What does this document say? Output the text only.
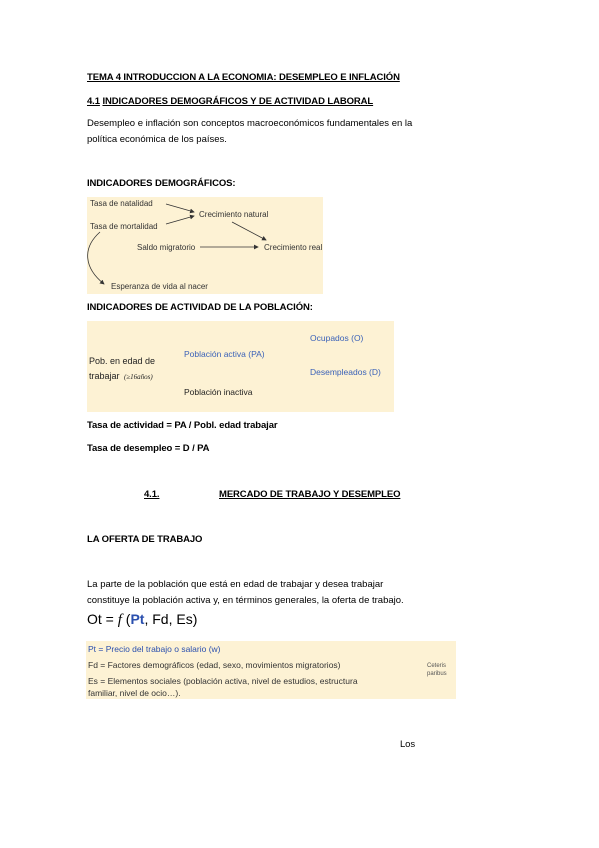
TEMA 4 INTRODUCCION A LA ECONOMIA: DESEMPLEO E INFLACIÓN
4.1 INDICADORES DEMOGRÁFICOS Y DE ACTIVIDAD LABORAL
Desempleo e inflación son conceptos macroeconómicos fundamentales en la
política económica de los países.
INDICADORES DEMOGRÁFICOS:
Tasa de natalidad
Tasa de mortalidad
Crecimiento natural
Saldo migratorio	Crecimiento real
Esperanza de vida al nacer
INDICADORES DE ACTIVIDAD DE LA POBLACIÓN:
Pob. en edad de
trabajar (≥16años)
Población activa (PA)
Población inactiva
Ocupados (O)
Desempleados (D)
Tasa de actividad = PA / Pobl. edad trabajar
Tasa de desempleo = D / PA
4.1.	MERCADO DE TRABAJO Y DESEMPLEO
LA OFERTA DE TRABAJO
La parte de la población que está en edad de trabajar y desea trabajar
constituye la población activa y, en términos generales, la oferta de trabajo.
Ot = f (Pt, Fd, Es)
Pt = Precio del trabajo o salario (w)
Fd = Factores demográficos (edad, sexo, movimientos migratorios)
Es = Elementos sociales (población activa, nivel de estudios, estructura
familiar, nivel de ocio…).
Ceteris
paribus
Los
